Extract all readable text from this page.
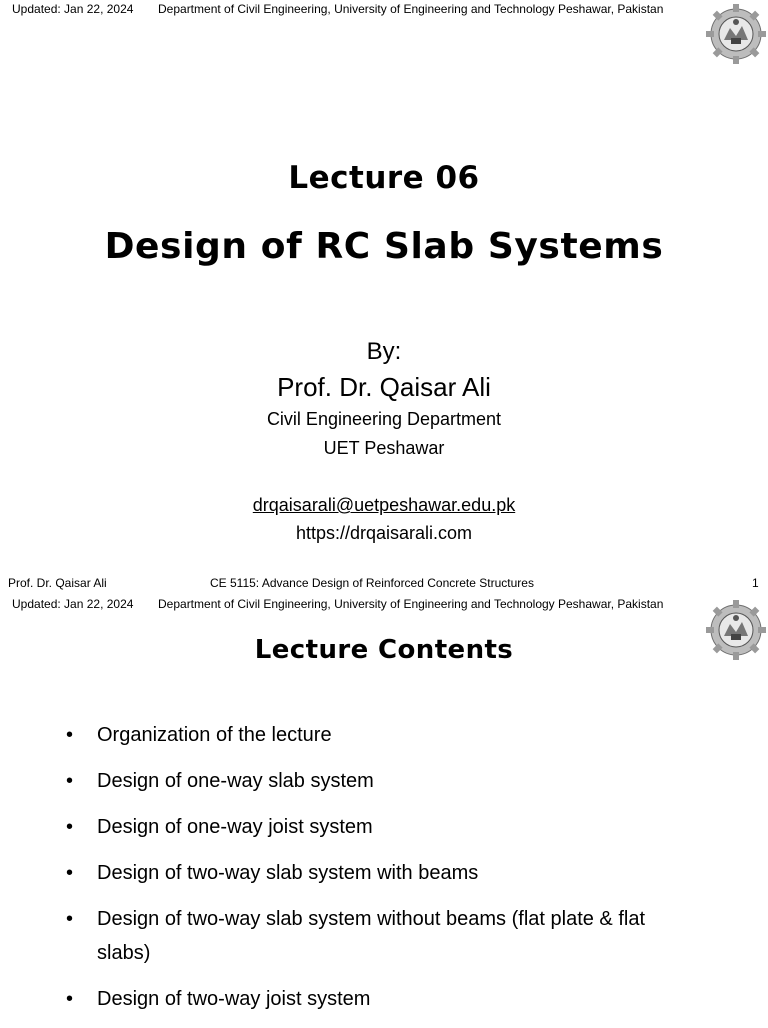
Updated: Jan 22, 2024 Department of Civil Engineering, University of Engineering and Technology Peshawar, Pakistan
Lecture 06
Design of RC Slab Systems
By:
Prof. Dr. Qaisar Ali
Civil Engineering Department
UET Peshawar
drqaisarali@uetpeshawar.edu.pk
https://drqaisarali.com
Prof. Dr. Qaisar Ali	CE 5115: Advance Design of Reinforced Concrete Structures	1
Updated: Jan 22, 2024 Department of Civil Engineering, University of Engineering and Technology Peshawar, Pakistan
Lecture Contents
• Organization of the lecture
• Design of one-way slab system
• Design of one-way joist system
• Design of two-way slab system with beams
• Design of two-way slab system without beams (flat plate & flat slabs)
• Design of two-way joist system
